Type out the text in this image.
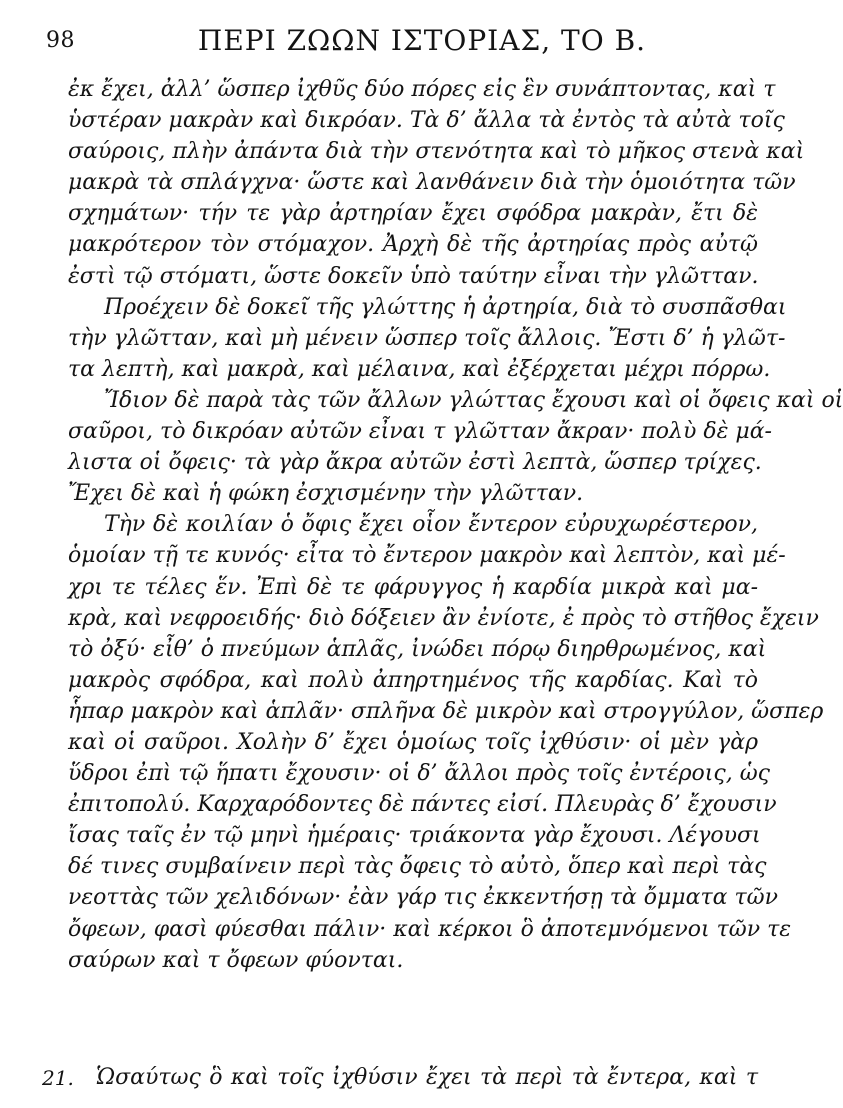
98	ΠΕΡΙ ΖΩΩΝ ΙΣΤΟΡΙΑΣ, ΤΟ Β.
ἐκ ἔχει, ἀλλ’ ὥσπερ ἰχθῦς δύο πόρες εἰς ἓν συνάπτοντας, καὶ τ
ὑστέραν μακρὰν καὶ δικρόαν. Τὰ δ’ ἄλλα τὰ ἐντὸς τὰ αὐτὰ τοῖς
σαύροις, πλὴν ἀπάντα διὰ τὴν στενότητα καὶ τὸ μῆκος στενὰ καὶ
μακρὰ τὰ σπλάγχνα· ὥστε καὶ λανθάνειν διὰ τὴν ὁμοιότητα τῶν
σχημάτων· τήν τε γὰρ ἀρτηρίαν ἔχει σφόδρα μακρὰν, ἔτι δὲ
μακρότερον τὸν στόμαχον. Ἀρχὴ δὲ τῆς ἀρτηρίας πρὸς αὐτῷ
ἐστὶ τῷ στόματι, ὥστε δοκεῖν ὑπὸ ταύτην εἶναι τὴν γλῶτταν.
Προέχειν δὲ δοκεῖ τῆς γλώττης ἡ ἀρτηρία, διὰ τὸ συσπᾶσθαι
τὴν γλῶτταν, καὶ μὴ μένειν ὥσπερ τοῖς ἄλλοις. Ἔστι δ’ ἡ γλῶτ-
τα λεπτὴ, καὶ μακρὰ, καὶ μέλαινα, καὶ ἐξέρχεται μέχρι πόρρω.
Ἴδιον δὲ παρὰ τὰς τῶν ἄλλων γλώττας ἔχουσι καὶ οἱ ὄφεις καὶ οἱ
σαῦροι, τὸ δικρόαν αὐτῶν εἶναι τ γλῶτταν ἄκραν· πολὺ δὲ μά-
λιστα οἱ ὄφεις· τὰ γὰρ ἄκρα αὐτῶν ἐστὶ λεπτὰ, ὥσπερ τρίχες.
Ἔχει δὲ καὶ ἡ φώκη ἐσχισμένην τὴν γλῶτταν.
Τὴν δὲ κοιλίαν ὁ ὄφις ἔχει οἷον ἔντερον εὐρυχωρέστερον,
ὁμοίαν τῇ τε κυνός· εἶτα τὸ ἔντερον μακρὸν καὶ λεπτὸν, καὶ μέ-
χρι τε τέλες ἕν. Ἐπὶ δὲ τε φάρυγγος ἡ καρδία μικρὰ καὶ μα-
κρὰ, καὶ νεφροειδής· διὸ δόξειεν ἂν ἐνίοτε, ἐ πρὸς τὸ στῆθος ἔχειν
τὸ ὀξύ· εἶθ’ ὁ πνεύμων ἁπλᾶς, ἰνώδει πόρῳ διηρθρωμένος, καὶ
μακρὸς σφόδρα, καὶ πολὺ ἀπηρτημένος τῆς καρδίας. Καὶ τὸ
ἧπαρ μακρὸν καὶ ἁπλᾶν· σπλῆνα δὲ μικρὸν καὶ στρογγύλον, ὥσπερ
καὶ οἱ σαῦροι. Χολὴν δ’ ἔχει ὁμοίως τοῖς ἰχθύσιν· οἱ μὲν γὰρ
ὕδροι ἐπὶ τῷ ἥπατι ἔχουσιν· οἱ δ’ ἄλλοι πρὸς τοῖς ἐντέροις, ὡς
ἐπιτοπολύ. Καρχαρόδοντες δὲ πάντες εἰσί. Πλευρὰς δ’ ἔχουσιν
ἴσας ταῖς ἐν τῷ μηνὶ ἡμέραις· τριάκοντα γὰρ ἔχουσι. Λέγουσι
δέ τινες συμβαίνειν περὶ τὰς ὄφεις τὸ αὐτὸ, ὅπερ καὶ περὶ τὰς
νεοττὰς τῶν χελιδόνων· ἐὰν γάρ τις ἐκκεντήσῃ τὰ ὄμματα τῶν
ὄφεων, φασὶ φύεσθαι πάλιν· καὶ κέρκοι ὃ ἀποτεμνόμενοι τῶν τε
σαύρων καὶ τ ὄφεων φύονται.
21. Ὡσαύτως ὃ καὶ τοῖς ἰχθύσιν ἔχει τὰ περὶ τὰ ἔντερα, καὶ τ
